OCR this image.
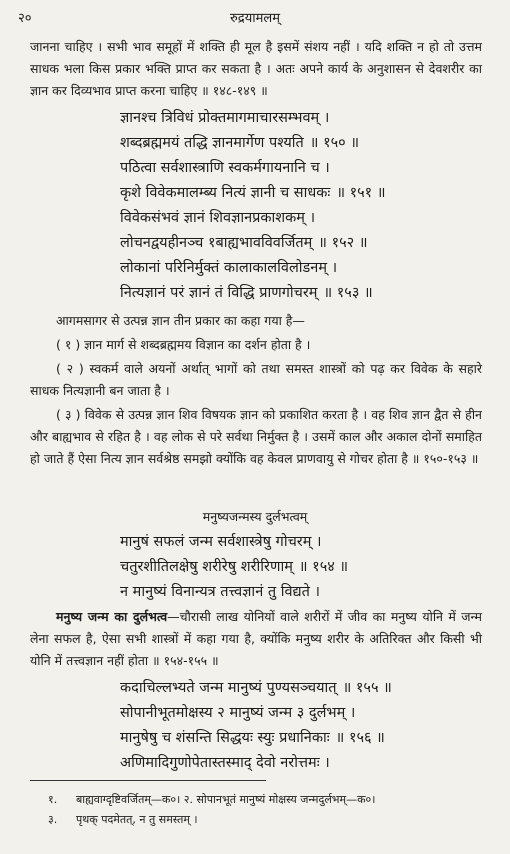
२०	रुद्रयामलम्
जानना चाहिए । सभी भाव समूहों में शक्ति ही मूल है इसमें संशय नहीं । यदि शक्ति न हो तो उत्तम साधक भला किस प्रकार भक्ति प्राप्त कर सकता है । अतः अपने कार्य के अनुशासन से देवशरीर का ज्ञान कर दिव्यभाव प्राप्त करना चाहिए ॥ १४८-१४९ ॥
ज्ञानश्च त्रिविधं प्रोक्तमागमाचारसम्भवम् ।
शब्दब्रह्ममयं तद्धि ज्ञानमार्गेण पश्यति ॥ १५० ॥
पठित्वा सर्वशास्त्राणि स्वकर्मगायनानि च ।
कृशे विवेकमालम्ब्य नित्यं ज्ञानी च साधकः ॥ १५१ ॥
विवेकसंभवं ज्ञानं शिवज्ञानप्रकाशकम् ।
लोचनद्वयहीनञ्च १बाह्यभावविवर्जितम् ॥ १५२ ॥
लोकानां परिनिर्मुक्तं कालाकालविलोडनम् ।
नित्यज्ञानं परं ज्ञानं तं विद्धि प्राणगोचरम् ॥ १५३ ॥
आगमसागर से उत्पन्न ज्ञान तीन प्रकार का कहा गया है—
( १ ) ज्ञान मार्ग से शब्दब्रह्ममय विज्ञान का दर्शन होता है ।
( २ ) स्वकर्म वाले अयनों अर्थात् भागों को तथा समस्त शास्त्रों को पढ़ कर विवेक के सहारे साधक नित्यज्ञानी बन जाता है ।
( ३ ) विवेक से उत्पन्न ज्ञान शिव विषयक ज्ञान को प्रकाशित करता है । वह शिव ज्ञान द्वैत से हीन और बाह्यभाव से रहित है । वह लोक से परे सर्वथा निर्मुक्त है । उसमें काल और अकाल दोनों समाहित हो जाते हैं ऐसा नित्य ज्ञान सर्वश्रेष्ठ समझो क्योंकि वह केवल प्राणवायु से गोचर होता है ॥ १५०-१५३ ॥
मनुष्यजन्मस्य दुर्लभत्वम्
मानुषं सफलं जन्म सर्वशास्त्रेषु गोचरम् ।
चतुरशीतिलक्षेषु शरीरेषु शरीरिणाम् ॥ १५४ ॥
न मानुष्यं विनान्यत्र तत्त्वज्ञानं तु विद्यते ।
मनुष्य जन्म का दुर्लभत्व—चौरासी लाख योनियों वाले शरीरों में जीव का मनुष्य योनि में जन्म लेना सफल है, ऐसा सभी शास्त्रों में कहा गया है, क्योंकि मनुष्य शरीर के अतिरिक्त और किसी भी योनि में तत्त्वज्ञान नहीं होता ॥ १५४-१५५ ॥
कदाचिल्लभ्यते जन्म मानुष्यं पुण्यसञ्चयात् ॥ १५५ ॥
सोपानीभूतमोक्षस्य २ मानुष्यं जन्म ३ दुर्लभम् ।
मानुषेषु च शंसन्ति सिद्धयः स्युः प्रधानिकाः ॥ १५६ ॥
अणिमादिगुणोपेतास्तस्माद् देवो नरोत्तमः ।
१.	बाह्यवाग्दृष्टिवर्जितम्—क०। २. सोपानभूतं मानुष्यं मोक्षस्य जन्मदुर्लभम्—क०।
३.	पृथक् पदमेतत्, न तु समस्तम् ।
